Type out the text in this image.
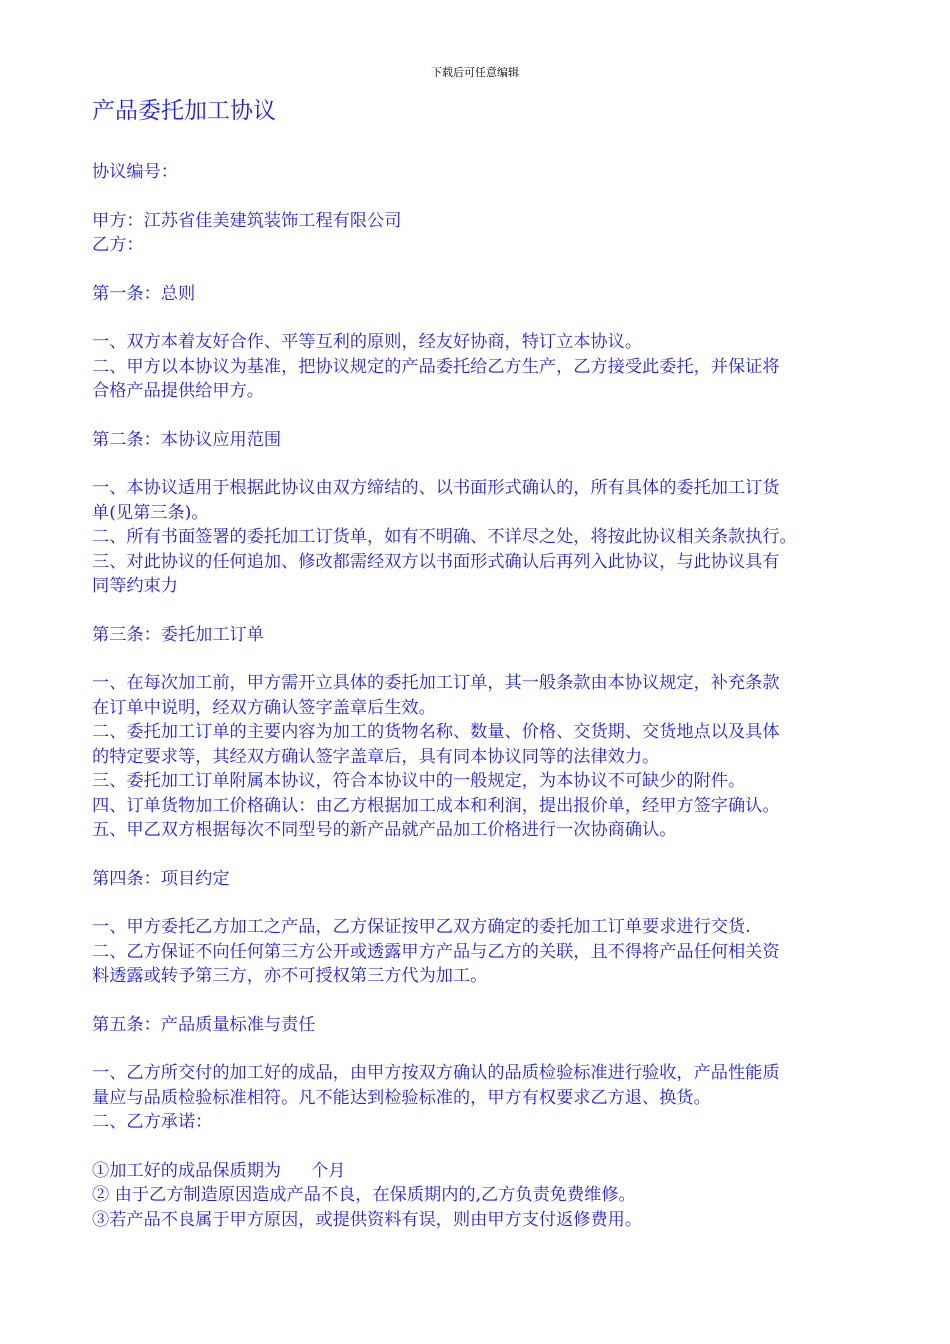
下载后可任意编辑
产品委托加工协议
协议编号：
甲方：江苏省佳美建筑装饰工程有限公司
乙方：
第一条：总则
一、双方本着友好合作、平等互利的原则，经友好协商，特订立本协议。
二、甲方以本协议为基准，把协议规定的产品委托给乙方生产，乙方接受此委托，并保证将
合格产品提供给甲方。
第二条：本协议应用范围
一、本协议适用于根据此协议由双方缔结的、以书面形式确认的，所有具体的委托加工订货
单(见第三条)。
二、所有书面签署的委托加工订货单，如有不明确、不详尽之处，将按此协议相关条款执行。
三、对此协议的任何追加、修改都需经双方以书面形式确认后再列入此协议，与此协议具有
同等约束力
第三条：委托加工订单
一、在每次加工前，甲方需开立具体的委托加工订单，其一般条款由本协议规定，补充条款
在订单中说明，经双方确认签字盖章后生效。
二、委托加工订单的主要内容为加工的货物名称、数量、价格、交货期、交货地点以及具体
的特定要求等，其经双方确认签字盖章后，具有同本协议同等的法律效力。
三、委托加工订单附属本协议，符合本协议中的一般规定，为本协议不可缺少的附件。
四、订单货物加工价格确认：由乙方根据加工成本和利润，提出报价单，经甲方签字确认。
五、甲乙双方根据每次不同型号的新产品就产品加工价格进行一次协商确认。
第四条：项目约定
一、甲方委托乙方加工之产品，乙方保证按甲乙双方确定的委托加工订单要求进行交货.
二、乙方保证不向任何第三方公开或透露甲方产品与乙方的关联，且不得将产品任何相关资
料透露或转予第三方，亦不可授权第三方代为加工。
第五条：产品质量标准与责任
一、乙方所交付的加工好的成品，由甲方按双方确认的品质检验标准进行验收，产品性能质
量应与品质检验标准相符。凡不能达到检验标准的，甲方有权要求乙方退、换货。
二、乙方承诺：
①加工好的成品保质期为 个月
② 由于乙方制造原因造成产品不良，在保质期内的,乙方负责免费维修。
③若产品不良属于甲方原因，或提供资料有误，则由甲方支付返修费用。
